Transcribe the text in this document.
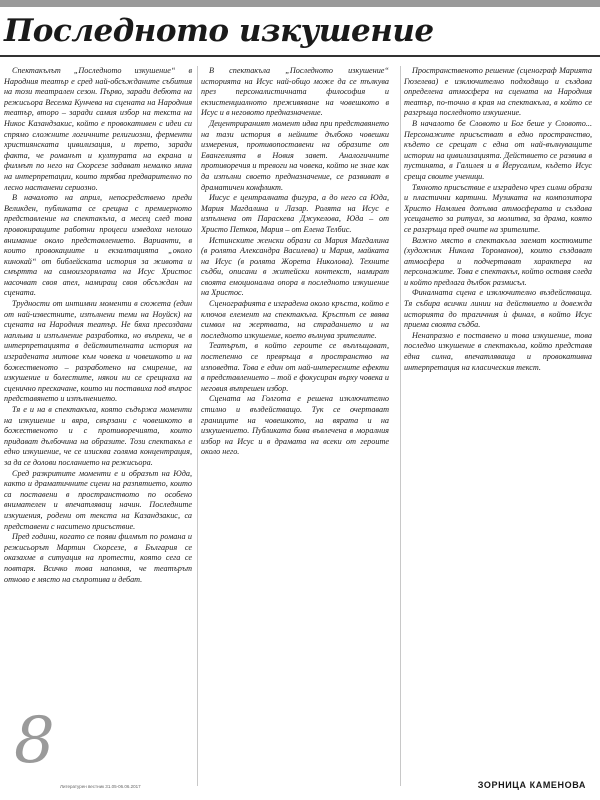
Последното изкушение

Спектакълът „Последното изкушение“ в Народния театър е сред най-обсъжданите събития на този театрален сезон. Първо, заради дебюта на режисьора Веселка Кунчева на сцената на Народния театър, второ – заради самия избор на текста на Никос Казандзакис, който е провокативен с идеи си спрямо сложните логичните религиозни, ферменти християнската цивилизация, и трето, заради факта, че романът и културата на екрана и филмът по него на Скорсезе задават немалко мина на интерпретации, които трябва предварително по лесно настанени сериозно.

В началото на април, непосредствено преди Великден, публиката се срещна с премиерното представление на спектакъла, а месец след това провокиращите работни процеси изведоха нелошо внимание около представлението. Варианти, в които провокациите и екзалтацията „около кинокай“ от библейската история за живота и смъртта на самоизгорялата на Исус Христос насочват своя апел, намиращ своя обсъждан на сцената.

Трудности от интимни моменти в сюжета (един от най-известните, изпълнени теми на Ноуйск) на сцената на Народния театър. Не бяха пресоздани наплыва и изпълнение разработка, но въпреки, че в интерпретацията в действителната история на изградената митове към човека и човешкото и на божественото – разработено на смирение, на изкушение и болестите, някои ни се срещнаха на сценично прескачане, които ни поставиха под въпрос представянето и изпълнението.

Тя е и на в спектакъла, която съдържа моменти на изкушение и вяра, свързани с човешкото в божественото и с противоречията, които придават дълбочина на образите. Този спектакъл е едно изкушение, че се изисква голяма концентрация, за да се долови посланието на режисьора.

Сред разкритите моменти е и образът на Юда, както и драматичните сцени на разпятието, които са поставени в пространството по особено внимателен и впечатляващ начин. Последните изкушения, родени от текста на Казандзакис, са представени с наситено присъствие.

Пред години, когато се появи филмът по романа и режисьорът Мартин Скорсезе, в България се оказахме в ситуация на протести, която сега се повтаря. Всичко това напомня, че театърът отново е място на съпротива и дебат.

В спектакъла „Последното изкушение“ историята на Исус най-общо може да се тълкува през персоналистичната философия и екзистенциалното преживяване на човешкото в Исус и в неговото предназначение.

Децентрираният момент идва при представянето на тази история в нейните дълбоко човешки измерения, противопоставени на образите от Евангелията в Новия завет. Аналогичните противоречия и тревоги на човека, който не знае как да изпълни своето предназначение, се развиват в драматичен конфликт.

Иисус е централната фигура, а до него са Юда, Мария Магдалина и Лазар. Ролята на Исус е изпълнена от Параскева Джукелова, Юда – от Христо Петков, Мария – от Елена Телбис.

Истинските женски образи са Мария Магдалина (в ролята Александра Василева) и Мария, майката на Исус (в ролята Жорета Николова). Техните съдби, описани в житейски контекст, намират своята емоционална опора в последното изкушение на Христос.

Сценографията е изградена около кръста, който е ключов елемент на спектакъла. Кръстът се явява символ на жертвата, на страданието и на последното изкушение, което вълнува зрителите.

Театърът, в който героите се въплъщават, постепенно се превръща в пространство на изповедта. Това е един от най-интересните ефекти в представлението – той е фокусиран върху човека и неговия вътрешен избор.

Сцената на Голгота е решена изключително стилно и въздействащо. Тук се очертават границите на човешкото, на вярата и на изкушението. Публиката бива въвлечена в моралния избор на Исус и в драмата на всеки от героите около него.

Пространственото решение (сценограф Марията Гюзелева) е изключително подходящо и създава определена атмосфера на сцената на Народния театър, по-точно в края на спектакъла, в който се разгръща последното изкушение.

В началото бе Словото и Бог беше у Словото... Персонажите присъстват в едно пространство, където се срещат с една от най-вълнуващите истории на цивилизацията. Действието се развива в пустинята, в Галилея и в Йерусалим, където Исус среща своите ученици.

Тяхното присъствие е изградено чрез силни образи и пластични картини. Музиката на композитора Христо Намлиев допълва атмосферата и създава усещането за ритуал, за молитва, за драма, която се разгръща пред очите на зрителите.

Важно място в спектакъла заемат костюмите (художник Никола Тороманов), които създават атмосфера и подчертават характера на персонажите. Това е спектакъл, който оставя следа и който предлага дълбок размисъл.

Финалната сцена е изключително въздействаща. Тя събира всички линии на действието и довежда историята до трагичния ѝ финал, в който Исус приема своята съдба.

Ненапразно е поставено и това изкушение, това последно изкушение в спектакъла, който представя една силна, впечатляваща и провокативна интерпретация на класическия текст.

8
Литературен вестник 31.05-06.06.2017	ЗОРНИЦА КАМЕНОВА
